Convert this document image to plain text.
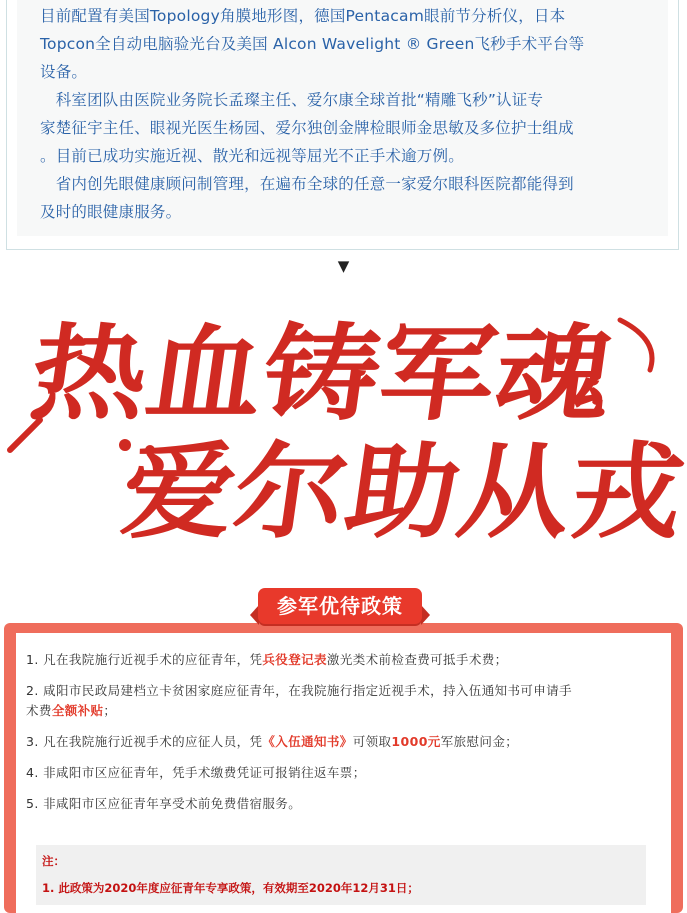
目前配置有美国Topology角膜地形图，德国Pentacam眼前节分析仪，日本
Topcon全自动电脑验光台及美国 Alcon Wavelight ® Green飞秒手术平台等
设备。
　科室团队由医院业务院长孟璨主任、爱尔康全球首批“精雕飞秒”认证专
家楚征宇主任、眼视光医生杨园、爱尔独创金牌检眼师金思敏及多位护士组成
。目前已成功实施近视、散光和远视等屈光不正手术逾万例。
　省内创先眼健康顾问制管理，在遍布全球的任意一家爱尔眼科医院都能得到
及时的眼健康服务。
▼
热血铸军魂
爱尔助从戎
参军优待政策
1. 凡在我院施行近视手术的应征青年，凭兵役登记表激光类术前检查费可抵手术费；
2. 咸阳市民政局建档立卡贫困家庭应征青年，在我院施行指定近视手术，持入伍通知书可申请手
术费全额补贴；
3. 凡在我院施行近视手术的应征人员，凭《入伍通知书》可领取1000元军旅慰问金；
4. 非咸阳市区应征青年，凭手术缴费凭证可报销往返车票；
5. 非咸阳市区应征青年享受术前免费借宿服务。
注：
1. 此政策为2020年度应征青年专享政策，有效期至2020年12月31日；
